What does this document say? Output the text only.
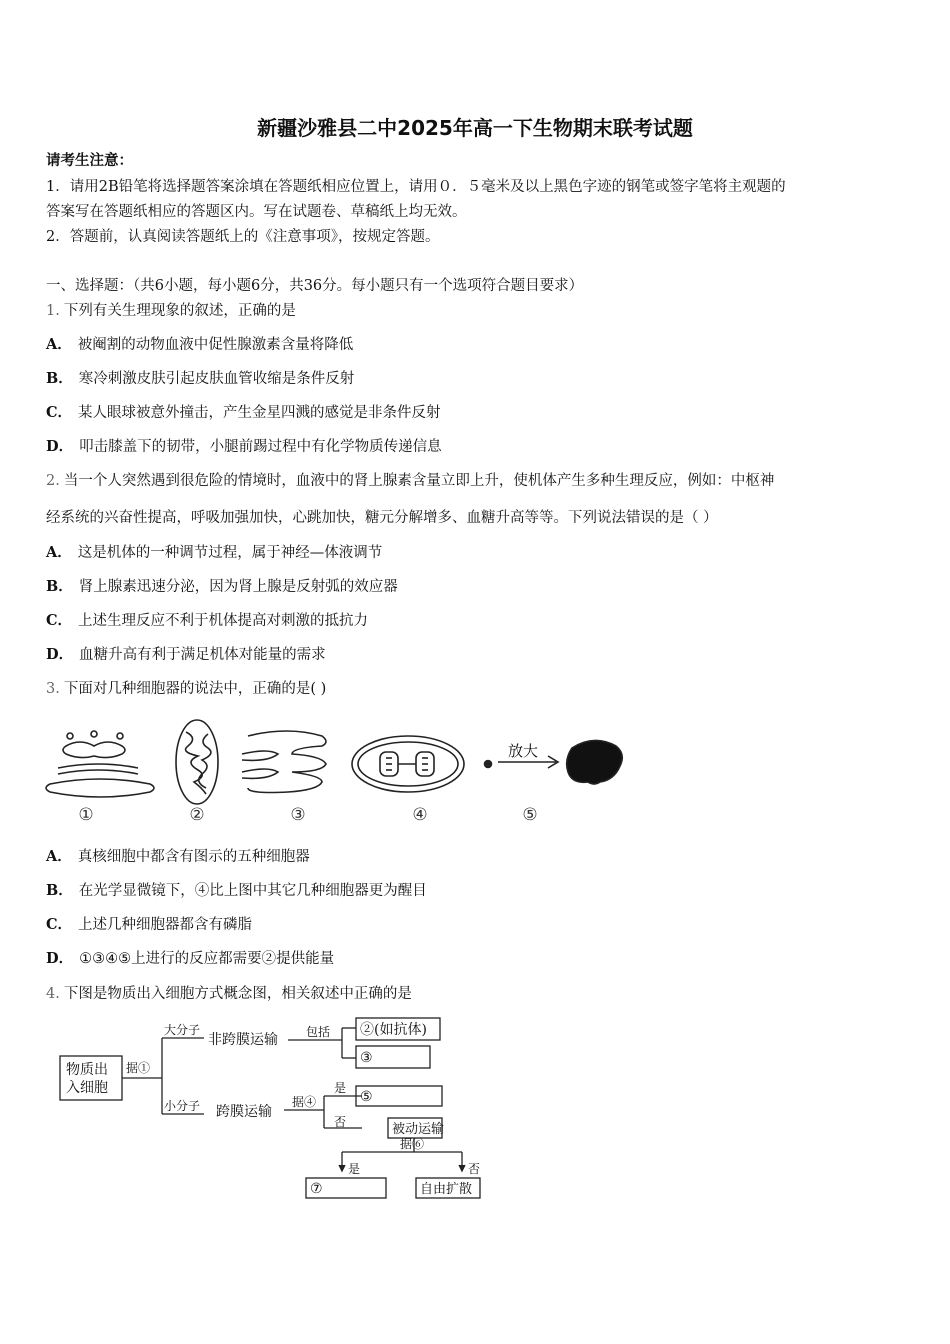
新疆沙雅县二中2025年高一下生物期末联考试题
请考生注意：
1．请用2B铅笔将选择题答案涂填在答题纸相应位置上，请用０．５毫米及以上黑色字迹的钢笔或签字笔将主观题的
答案写在答题纸相应的答题区内。写在试题卷、草稿纸上均无效。
2．答题前，认真阅读答题纸上的《注意事项》，按规定答题。
一、选择题：（共6小题，每小题6分，共36分。每小题只有一个选项符合题目要求）
1. 下列有关生理现象的叙述，正确的是
A． 被阉割的动物血液中促性腺激素含量将降低
B． 寒冷刺激皮肤引起皮肤血管收缩是条件反射
C． 某人眼球被意外撞击，产生金星四溅的感觉是非条件反射
D． 叩击膝盖下的韧带，小腿前踢过程中有化学物质传递信息
2. 当一个人突然遇到很危险的情境时，血液中的肾上腺素含量立即上升，使机体产生多种生理反应，例如：中枢神
经系统的兴奋性提高，呼吸加强加快，心跳加快，糖元分解增多、血糖升高等等。下列说法错误的是（ ）
A． 这是机体的一种调节过程，属于神经—体液调节
B． 肾上腺素迅速分泌，因为肾上腺是反射弧的效应器
C． 上述生理反应不利于机体提高对刺激的抵抗力
D． 血糖升高有利于满足机体对能量的需求
3. 下面对几种细胞器的说法中，正确的是( )
放大
①	②	③	④	⑤
A． 真核细胞中都含有图示的五种细胞器
B． 在光学显微镜下，④比上图中其它几种细胞器更为醒目
C． 上述几种细胞器都含有磷脂
D． ①③④⑤上进行的反应都需要②提供能量
4. 下图是物质出入细胞方式概念图，相关叙述中正确的是
物质出
入细胞
据①
大分子
非跨膜运输 包括 ②(如抗体)
③
小分子 跨膜运输
据④
是
否
⑤
被动运输
据⑥
是	否
⑦	自由扩散
